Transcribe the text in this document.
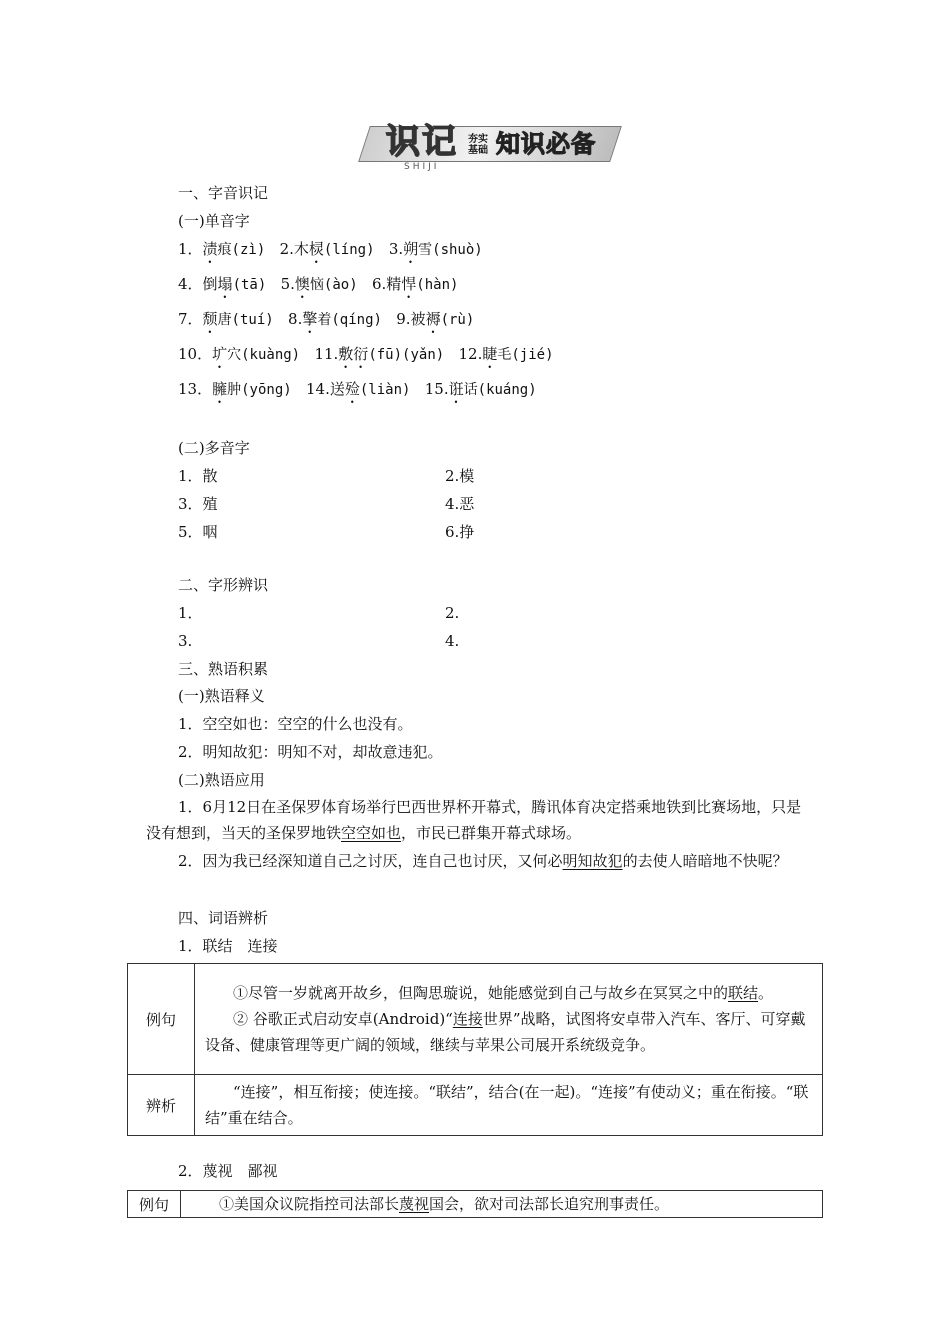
识记 夯实基础 知识必备
SHIJI
一、字音识记
(一)单音字
1．渍痕(zì) 2.木棂(líng) 3.朔雪(shuò)
4．倒塌(tā) 5.懊恼(ào) 6.精悍(hàn)
7．颓唐(tuí) 8.擎着(qíng) 9.被褥(rù)
10．圹穴(kuàng) 11.敷衍(fū)(yǎn) 12.睫毛(jié)
13．臃肿(yōng) 14.送殓(liàn) 15.诳话(kuáng)
(二)多音字
1．散	2.模
3．殖	4.恶
5．咽	6.挣
二、字形辨识
1．	2.
3.	4.
三、熟语积累
(一)熟语释义
1．空空如也：空空的什么也没有。
2．明知故犯：明知不对，却故意违犯。
(二)熟语应用
1．6月12日在圣保罗体育场举行巴西世界杯开幕式，腾讯体育决定搭乘地铁到比赛场地，只是没有想到，当天的圣保罗地铁空空如也，市民已群集开幕式球场。
2．因为我已经深知道自己之讨厌，连自己也讨厌，又何必明知故犯的去使人暗暗地不快呢？
四、词语辨析
1．联结　连接
例句	①尽管一岁就离开故乡，但陶思璇说，她能感觉到自己与故乡在冥冥之中的联结。

② 谷歌正式启动安卓(Android)“连接世界”战略，试图将安卓带入汽车、客厅、可穿戴设备、健康管理等更广阔的领域，继续与苹果公司展开系统级竞争。

辨析	“连接”，相互衔接；使连接。“联结”，结合(在一起)。“连接”有使动义；重在衔接。“联结”重在结合。

2．蔑视　鄙视
例句	①美国众议院指控司法部长蔑视国会，欲对司法部长追究刑事责任。
